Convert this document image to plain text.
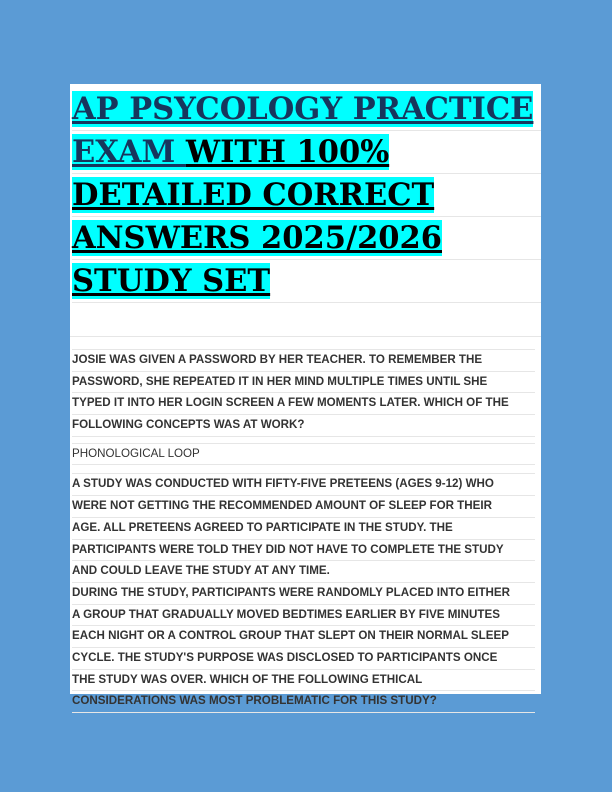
AP PSYCOLOGY PRACTICE
EXAM WITH 100%
DETAILED CORRECT
ANSWERS 2025/2026
STUDY SET
JOSIE WAS GIVEN A PASSWORD BY HER TEACHER. TO REMEMBER THE
PASSWORD, SHE REPEATED IT IN HER MIND MULTIPLE TIMES UNTIL SHE
TYPED IT INTO HER LOGIN SCREEN A FEW MOMENTS LATER. WHICH OF THE
FOLLOWING CONCEPTS WAS AT WORK?
PHONOLOGICAL LOOP
A STUDY WAS CONDUCTED WITH FIFTY-FIVE PRETEENS (AGES 9-12) WHO
WERE NOT GETTING THE RECOMMENDED AMOUNT OF SLEEP FOR THEIR
AGE. ALL PRETEENS AGREED TO PARTICIPATE IN THE STUDY. THE
PARTICIPANTS WERE TOLD THEY DID NOT HAVE TO COMPLETE THE STUDY
AND COULD LEAVE THE STUDY AT ANY TIME.
DURING THE STUDY, PARTICIPANTS WERE RANDOMLY PLACED INTO EITHER
A GROUP THAT GRADUALLY MOVED BEDTIMES EARLIER BY FIVE MINUTES
EACH NIGHT OR A CONTROL GROUP THAT SLEPT ON THEIR NORMAL SLEEP
CYCLE. THE STUDY'S PURPOSE WAS DISCLOSED TO PARTICIPANTS ONCE
THE STUDY WAS OVER. WHICH OF THE FOLLOWING ETHICAL
CONSIDERATIONS WAS MOST PROBLEMATIC FOR THIS STUDY?
